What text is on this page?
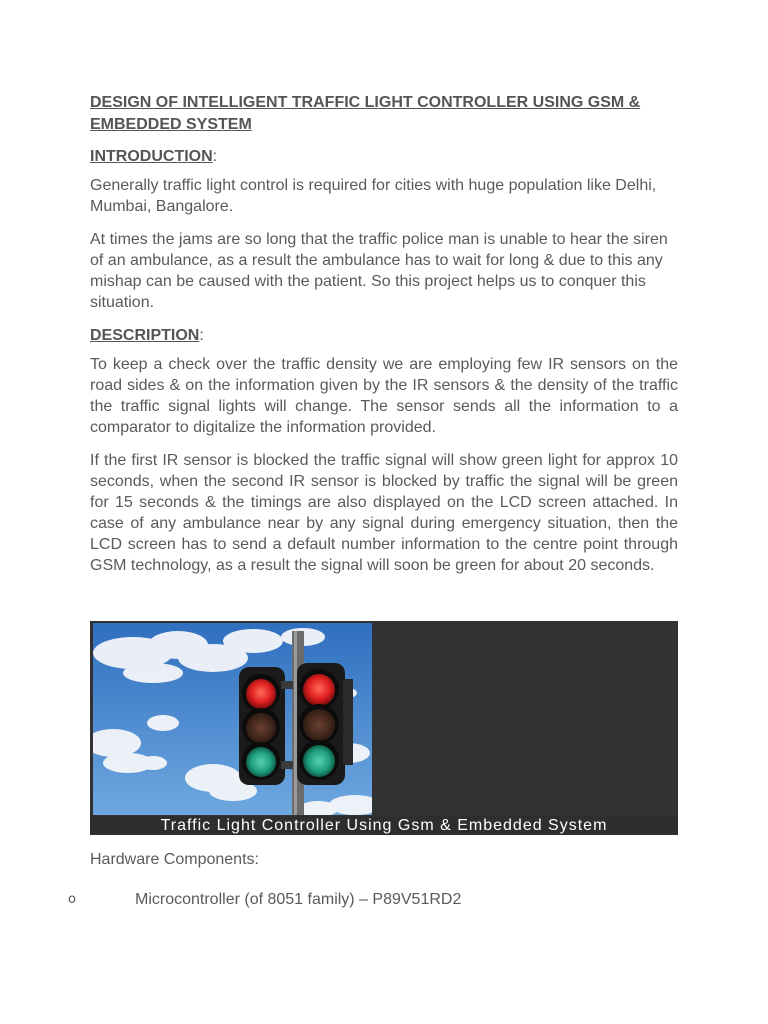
DESIGN OF INTELLIGENT TRAFFIC LIGHT CONTROLLER USING GSM & EMBEDDED SYSTEM
INTRODUCTION:

Generally traffic light control is required for cities with huge population like Delhi, Mumbai, Bangalore.

At times the jams are so long that the traffic police man is unable to hear the siren of an ambulance, as a result the ambulance has to wait for long & due to this any mishap can be caused with the patient. So this project helps us to conquer this situation.

DESCRIPTION:

To keep a check over the traffic density we are employing few IR sensors on the road sides & on the information given by the IR sensors & the density of the traffic the traffic signal lights will change. The sensor sends all the information to a comparator to digitalize the information provided.

If the first IR sensor is blocked the traffic signal will show green light for approx 10 seconds, when the second IR sensor is blocked by traffic the signal will be green for 15 seconds & the timings are also displayed on the LCD screen attached. In case of any ambulance near by any signal during emergency situation, then the LCD screen has to send a default number information to the centre point through GSM technology, as a result the signal will soon be green for about 20 seconds.

Traffic Light Controller Using Gsm & Embedded System
Hardware Components:
o	Microcontroller (of 8051 family) – P89V51RD2
